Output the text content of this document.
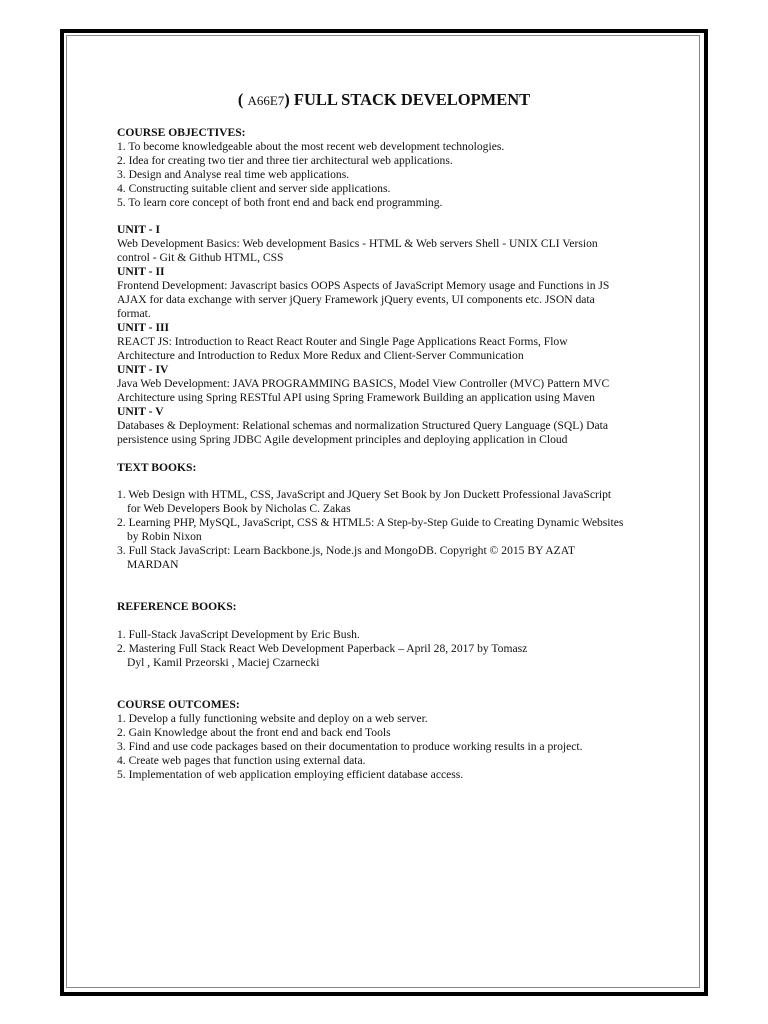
( A66E7) FULL STACK DEVELOPMENT
COURSE OBJECTIVES:
1. To become knowledgeable about the most recent web development technologies.
2. Idea for creating two tier and three tier architectural web applications.
3. Design and Analyse real time web applications.
4. Constructing suitable client and server side applications.
5. To learn core concept of both front end and back end programming.
UNIT - I
Web Development Basics: Web development Basics - HTML & Web servers Shell - UNIX CLI Version
control - Git & Github HTML, CSS
UNIT - II
Frontend Development: Javascript basics OOPS Aspects of JavaScript Memory usage and Functions in JS
AJAX for data exchange with server jQuery Framework jQuery events, UI components etc. JSON data
format.
UNIT - III
REACT JS: Introduction to React React Router and Single Page Applications React Forms, Flow
Architecture and Introduction to Redux More Redux and Client-Server Communication
UNIT - IV
Java Web Development: JAVA PROGRAMMING BASICS, Model View Controller (MVC) Pattern MVC
Architecture using Spring RESTful API using Spring Framework Building an application using Maven
UNIT - V
Databases & Deployment: Relational schemas and normalization Structured Query Language (SQL) Data
persistence using Spring JDBC Agile development principles and deploying application in Cloud
TEXT BOOKS:
1. Web Design with HTML, CSS, JavaScript and JQuery Set Book by Jon Duckett Professional JavaScript
for Web Developers Book by Nicholas C. Zakas
2. Learning PHP, MySQL, JavaScript, CSS & HTML5: A Step-by-Step Guide to Creating Dynamic Websites
by Robin Nixon
3. Full Stack JavaScript: Learn Backbone.js, Node.js and MongoDB. Copyright © 2015 BY AZAT
MARDAN
REFERENCE BOOKS:
1. Full-Stack JavaScript Development by Eric Bush.
2. Mastering Full Stack React Web Development Paperback – April 28, 2017 by Tomasz
Dyl , Kamil Przeorski , Maciej Czarnecki
COURSE OUTCOMES:
1. Develop a fully functioning website and deploy on a web server.
2. Gain Knowledge about the front end and back end Tools
3. Find and use code packages based on their documentation to produce working results in a project.
4. Create web pages that function using external data.
5. Implementation of web application employing efficient database access.
